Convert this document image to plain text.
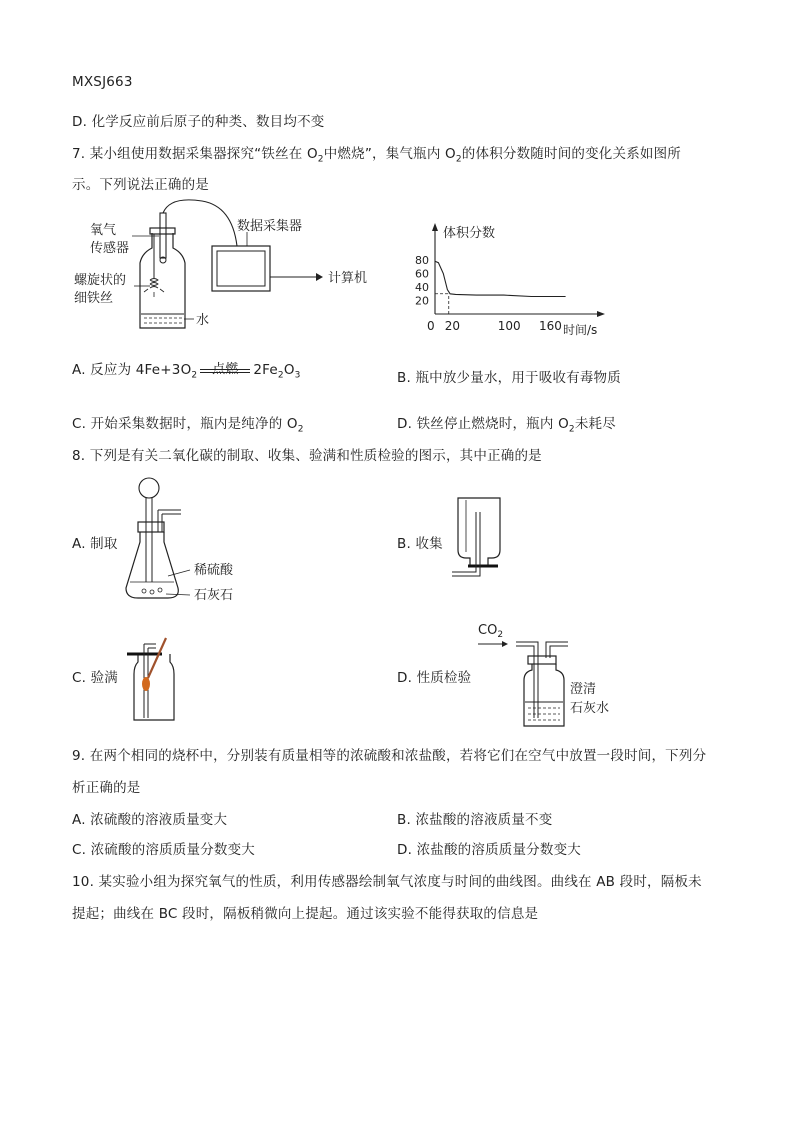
MXSJ663
D. 化学反应前后原子的种类、数目均不变
7. 某小组使用数据采集器探究“铁丝在 $O_2$中燃烧”，集气瓶内 $O_2$的体积分数随时间的变化关系如图所
示。下列说法正确的是
氧气
传感器
螺旋状的
细铁丝
水
数据采集器
计算机
体积分数
时间/s
80
60
40
20
0 20	100 160
A. 反应为 $4Fe+3O_2$	点燃	$2Fe_2O_3$	B. 瓶中放少量水，用于吸收有毒物质
C. 开始采集数据时，瓶内是纯净的 $O_2$	D. 铁丝停止燃烧时，瓶内 $O_2$未耗尽
8. 下列是有关二氧化碳的制取、收集、验满和性质检验的图示，其中正确的是
A. 制取
稀硫酸
石灰石
B. 收集
C. 验满	D. 性质检验
$CO_2$
澄清
石灰水
9. 在两个相同的烧杯中，分别装有质量相等的浓硫酸和浓盐酸，若将它们在空气中放置一段时间，下列分
析正确的是
A. 浓硫酸的溶液质量变大	B. 浓盐酸的溶液质量不变
C. 浓硫酸的溶质质量分数变大	D. 浓盐酸的溶质质量分数变大
10. 某实验小组为探究氧气的性质，利用传感器绘制氧气浓度与时间的曲线图。曲线在 AB 段时，隔板未
提起；曲线在 BC 段时，隔板稍微向上提起。通过该实验不能得获取的信息是
